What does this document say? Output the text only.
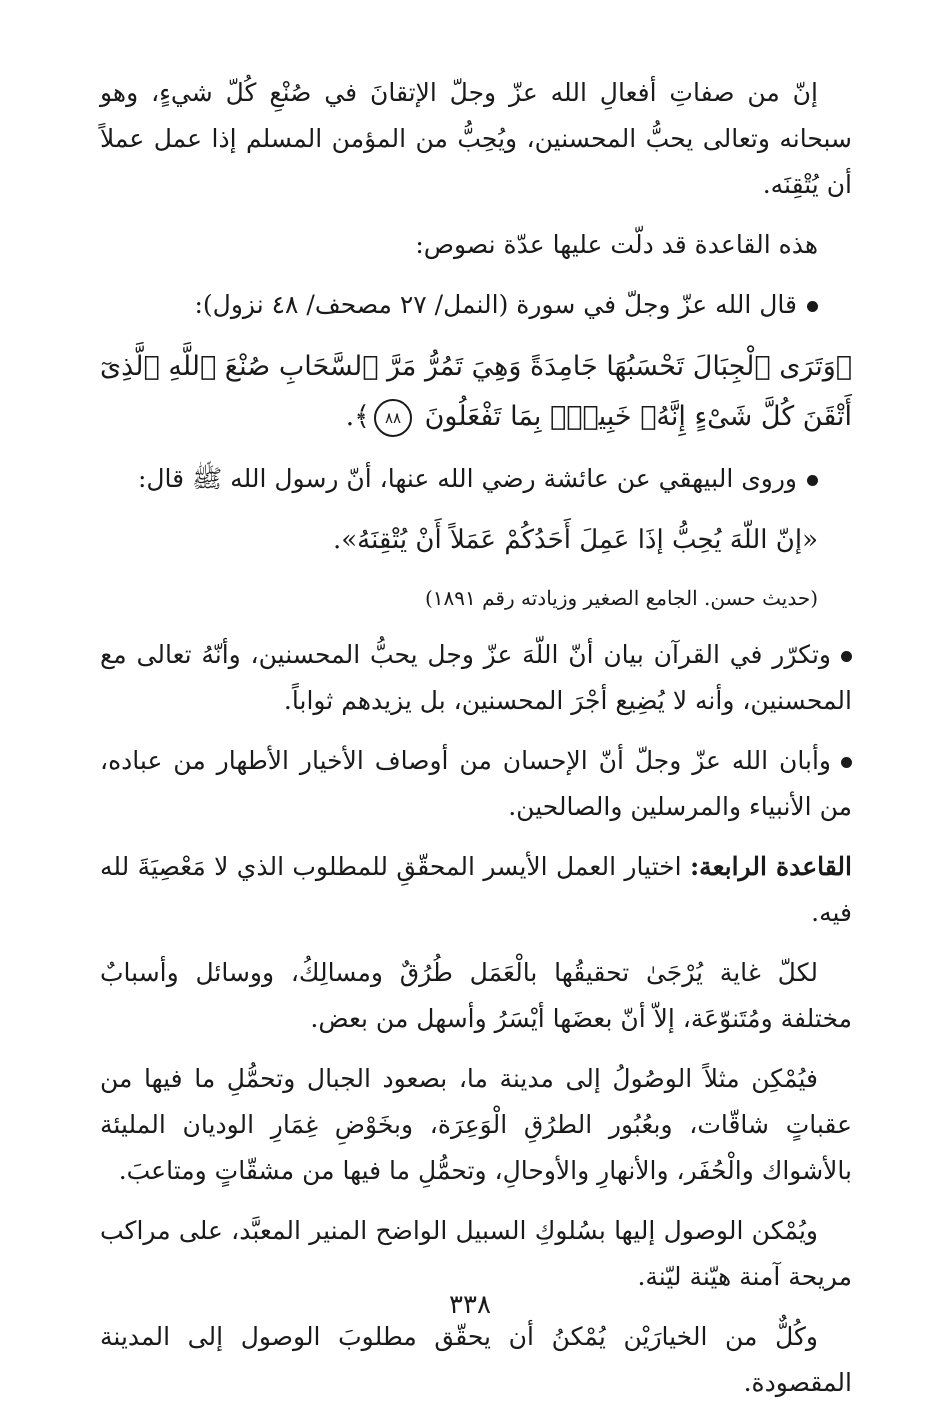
إنّ من صفاتِ أفعالِ الله عزّ وجلّ الإتقانَ في صُنْعِ كُلّ شيءٍ، وهو سبحانه وتعالى يحبُّ المحسنين، ويُحِبُّ من المؤمن المسلم إذا عمل عملاً أن يُتْقِنَه.

هذه القاعدة قد دلّت عليها عدّة نصوص:

قال الله عزّ وجلّ في سورة (النمل/ ٢٧ مصحف/ ٤٨ نزول):

﴿وَتَرَى ٱلْجِبَالَ تَحْسَبُهَا جَامِدَةً وَهِيَ تَمُرُّ مَرَّ ٱلسَّحَابِ صُنْعَ ٱللَّهِ ٱلَّذِىٓ أَتْقَنَ كُلَّ شَىْءٍ إِنَّهُۥ خَبِيرٌۢ بِمَا تَفْعَلُونَ
٨٨
﴾.

وروى البيهقي عن عائشة رضي الله عنها، أنّ رسول الله ﷺ قال:

«إنّ اللّهَ يُحِبُّ إذَا عَمِلَ أَحَدُكُمْ عَمَلاً أَنْ يُتْقِنَهُ».

(حديث حسن. الجامع الصغير وزيادته رقم ١٨٩١)

وتكرّر في القرآن بيان أنّ اللّهَ عزّ وجل يحبُّ المحسنين، وأنّهُ تعالى مع المحسنين، وأنه لا يُضِيع أجْرَ المحسنين، بل يزيدهم ثواباً.

وأبان الله عزّ وجلّ أنّ الإحسان من أوصاف الأخيار الأطهار من عباده، من الأنبياء والمرسلين والصالحين.

القاعدة الرابعة: اختيار العمل الأيسر المحقّقِ للمطلوب الذي لا مَعْصِيَةَ لله فيه.

لكلّ غاية يُرْجَىٰ تحقيقُها بالْعَمَل طُرُقٌ ومسالِكُ، ووسائل وأسبابٌ مختلفة ومُتَنوّعَة، إلاّ أنّ بعضَها أيْسَرُ وأسهل من بعض.

فيُمْكِن مثلاً الوصُولُ إلى مدينة ما، بصعود الجبال وتحمُّلِ ما فيها من عقباتٍ شاقّات، وبعُبُور الطرُقِ الْوَعِرَة، وبخَوْضِ غِمَارِ الوديان المليئة بالأشواك والْحُفَر، والأنهارِ والأوحالِ، وتحمُّلِ ما فيها من مشقّاتٍ ومتاعبَ.

ويُمْكن الوصول إليها بسُلوكِ السبيل الواضح المنير المعبَّد، على مراكب مريحة آمنة هيّنة ليّنة.

وكُلٌّ من الخيارَيْن يُمْكنُ أن يحقّق مطلوبَ الوصول إلى المدينة المقصودة.

٣٣٨
